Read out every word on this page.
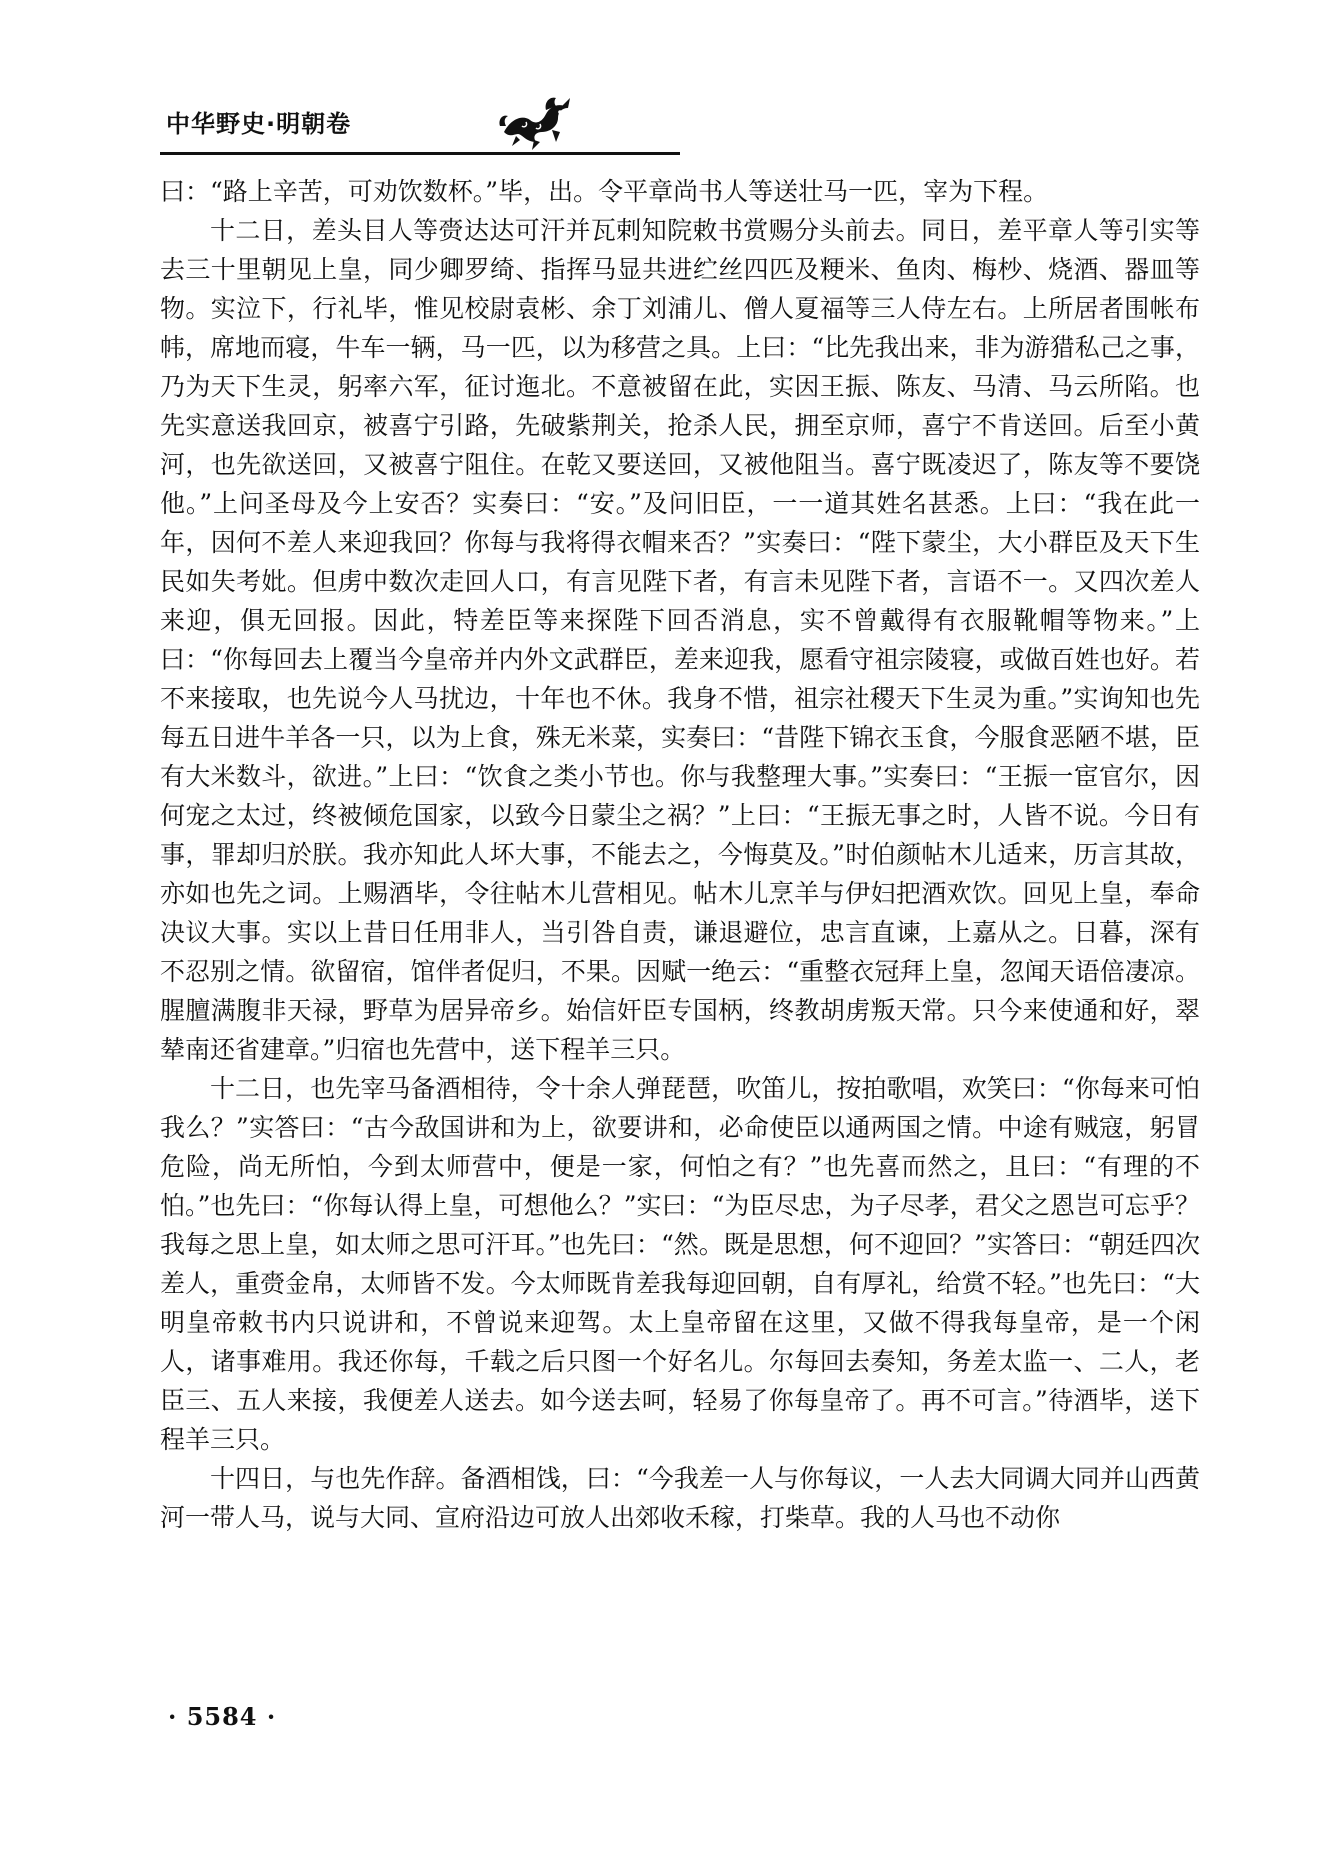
中华野史·明朝卷

曰：“路上辛苦，可劝饮数杯。”毕，出。令平章尚书人等送壮马一匹，宰为下程。

十二日，差头目人等赍达达可汗并瓦剌知院敕书赏赐分头前去。同日，差平章人等引实等去三十里朝见上皇，同少卿罗绮、指挥马显共进纻丝四匹及粳米、鱼肉、梅杪、烧酒、器皿等物。实泣下，行礼毕，惟见校尉袁彬、余丁刘浦儿、僧人夏福等三人侍左右。上所居者围帐布帏，席地而寝，牛车一辆，马一匹，以为移营之具。上曰：“比先我出来，非为游猎私己之事，乃为天下生灵，躬率六军，征讨迤北。不意被留在此，实因王振、陈友、马清、马云所陷。也先实意送我回京，被喜宁引路，先破紫荆关，抢杀人民，拥至京师，喜宁不肯送回。后至小黄河，也先欲送回，又被喜宁阻住。在乾又要送回，又被他阻当。喜宁既凌迟了，陈友等不要饶他。”上问圣母及今上安否？实奏曰：“安。”及问旧臣，一一道其姓名甚悉。上曰：“我在此一年，因何不差人来迎我回？你每与我将得衣帽来否？”实奏曰：“陛下蒙尘，大小群臣及天下生民如失考妣。但虏中数次走回人口，有言见陛下者，有言未见陛下者，言语不一。又四次差人来迎，俱无回报。因此，特差臣等来探陛下回否消息，实不曾戴得有衣服靴帽等物来。”上曰：“你每回去上覆当今皇帝并内外文武群臣，差来迎我，愿看守祖宗陵寝，或做百姓也好。若不来接取，也先说今人马扰边，十年也不休。我身不惜，祖宗社稷天下生灵为重。”实询知也先每五日进牛羊各一只，以为上食，殊无米菜，实奏曰：“昔陛下锦衣玉食，今服食恶陋不堪，臣有大米数斗，欲进。”上曰：“饮食之类小节也。你与我整理大事。”实奏曰：“王振一宦官尔，因何宠之太过，终被倾危国家，以致今日蒙尘之祸？”上曰：“王振无事之时，人皆不说。今日有事，罪却归於朕。我亦知此人坏大事，不能去之，今悔莫及。”时伯颜帖木儿适来，历言其故，亦如也先之词。上赐酒毕，令往帖木儿营相见。帖木儿烹羊与伊妇把酒欢饮。回见上皇，奉命决议大事。实以上昔日任用非人，当引咎自责，谦退避位，忠言直谏，上嘉从之。日暮，深有不忍别之情。欲留宿，馆伴者促归，不果。因赋一绝云：“重整衣冠拜上皇，忽闻天语倍凄凉。腥膻满腹非天禄，野草为居异帝乡。始信奸臣专国柄，终教胡虏叛天常。只今来使通和好，翠辇南还省建章。”归宿也先营中，送下程羊三只。

十二日，也先宰马备酒相待，令十余人弹琵琶，吹笛儿，按拍歌唱，欢笑曰：“你每来可怕我么？”实答曰：“古今敌国讲和为上，欲要讲和，必命使臣以通两国之情。中途有贼寇，躬冒危险，尚无所怕，今到太师营中，便是一家，何怕之有？”也先喜而然之，且曰：“有理的不怕。”也先曰：“你每认得上皇，可想他么？”实曰：“为臣尽忠，为子尽孝，君父之恩岂可忘乎？我每之思上皇，如太师之思可汗耳。”也先曰：“然。既是思想，何不迎回？”实答曰：“朝廷四次差人，重赍金帛，太师皆不发。今太师既肯差我每迎回朝，自有厚礼，给赏不轻。”也先曰：“大明皇帝敕书内只说讲和，不曾说来迎驾。太上皇帝留在这里，又做不得我每皇帝，是一个闲人，诸事难用。我还你每，千载之后只图一个好名儿。尔每回去奏知，务差太监一、二人，老臣三、五人来接，我便差人送去。如今送去呵，轻易了你每皇帝了。再不可言。”待酒毕，送下程羊三只。

十四日，与也先作辞。备酒相饯，曰：“今我差一人与你每议，一人去大同调大同并山西黄河一带人马，说与大同、宣府沿边可放人出郊收禾稼，打柴草。我的人马也不动你

· 5584 ·
